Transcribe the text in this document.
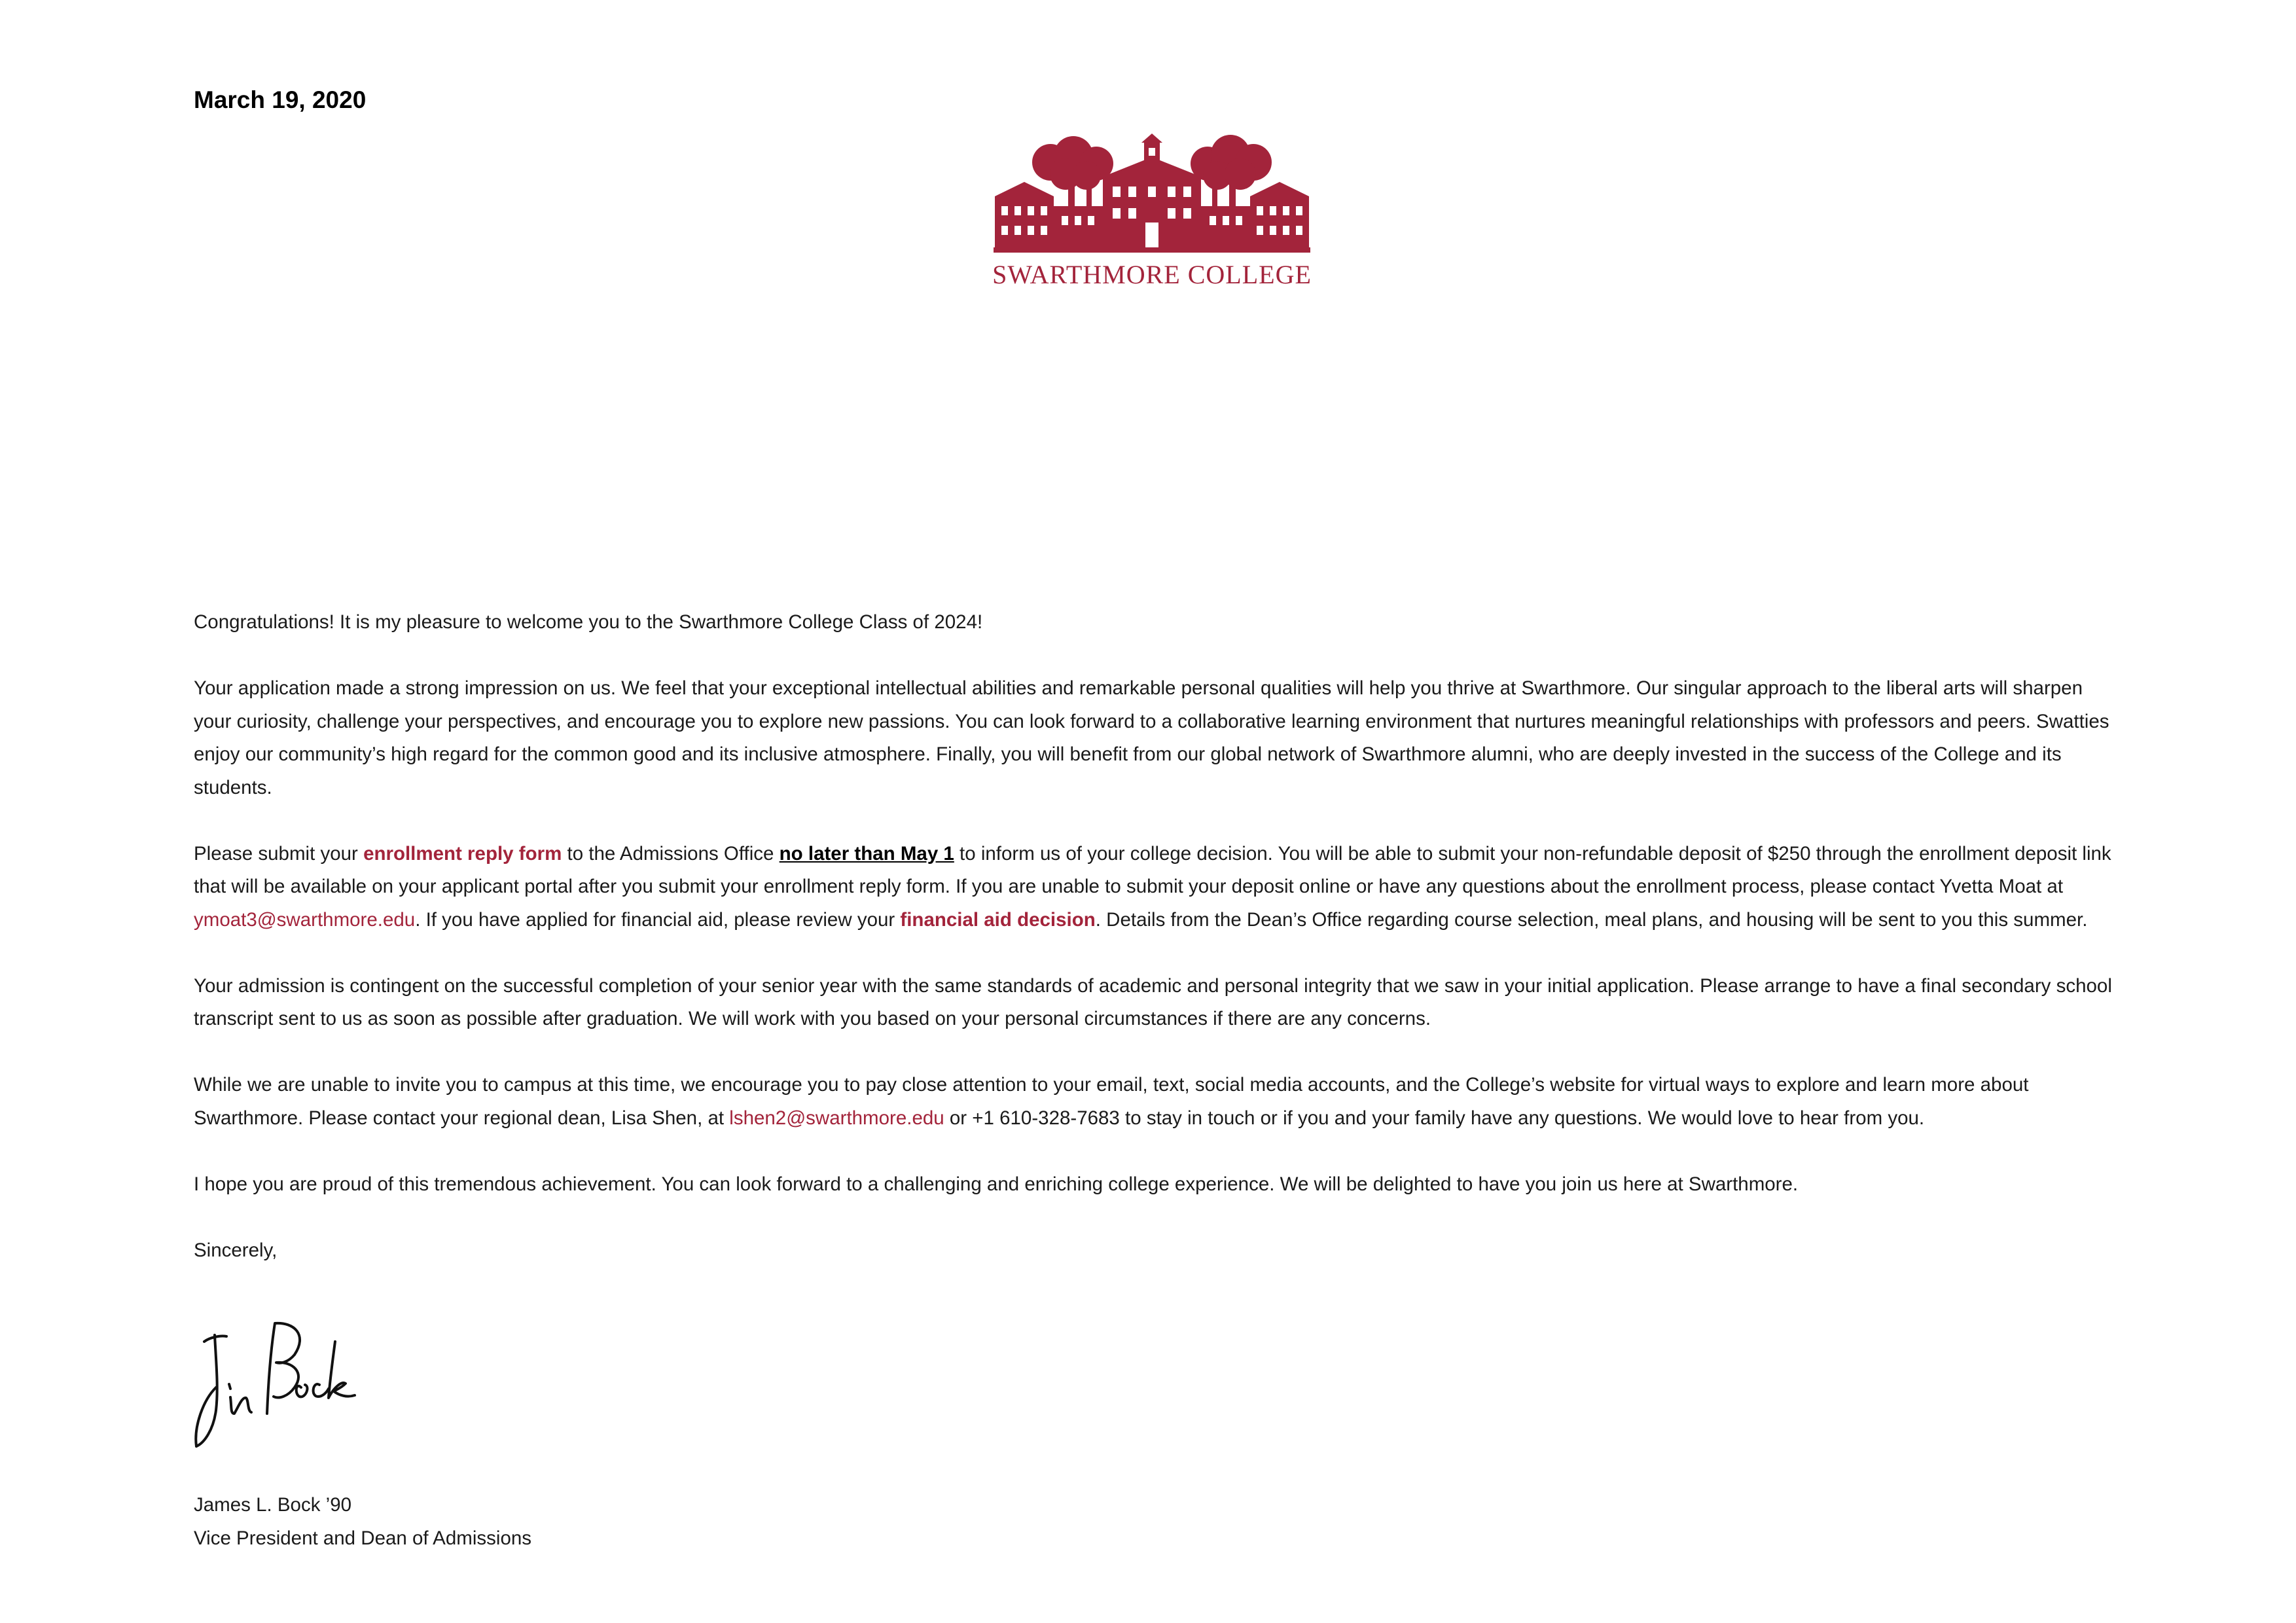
March 19, 2020
SWARTHMORE COLLEGE

Congratulations! It is my pleasure to welcome you to the Swarthmore College Class of 2024!

Your application made a strong impression on us. We feel that your exceptional intellectual abilities and remarkable personal qualities will help you thrive at Swarthmore. Our singular approach to the liberal arts will sharpen your curiosity, challenge your perspectives, and encourage you to explore new passions. You can look forward to a collaborative learning environment that nurtures meaningful relationships with professors and peers. Swatties enjoy our community’s high regard for the common good and its inclusive atmosphere. Finally, you will benefit from our global network of Swarthmore alumni, who are deeply invested in the success of the College and its students.

Please submit your enrollment reply form to the Admissions Office no later than May 1 to inform us of your college decision. You will be able to submit your non-refundable deposit of $250 through the enrollment deposit link that will be available on your applicant portal after you submit your enrollment reply form. If you are unable to submit your deposit online or have any questions about the enrollment process, please contact Yvetta Moat at ymoat3@swarthmore.edu. If you have applied for financial aid, please review your financial aid decision. Details from the Dean’s Office regarding course selection, meal plans, and housing will be sent to you this summer.

Your admission is contingent on the successful completion of your senior year with the same standards of academic and personal integrity that we saw in your initial application. Please arrange to have a final secondary school transcript sent to us as soon as possible after graduation. We will work with you based on your personal circumstances if there are any concerns.

While we are unable to invite you to campus at this time, we encourage you to pay close attention to your email, text, social media accounts, and the College’s website for virtual ways to explore and learn more about Swarthmore. Please contact your regional dean, Lisa Shen, at lshen2@swarthmore.edu or +1 610-328-7683 to stay in touch or if you and your family have any questions. We would love to hear from you.

I hope you are proud of this tremendous achievement. You can look forward to a challenging and enriching college experience. We will be delighted to have you join us here at Swarthmore.

Sincerely,

James L. Bock ’90
Vice President and Dean of Admissions
